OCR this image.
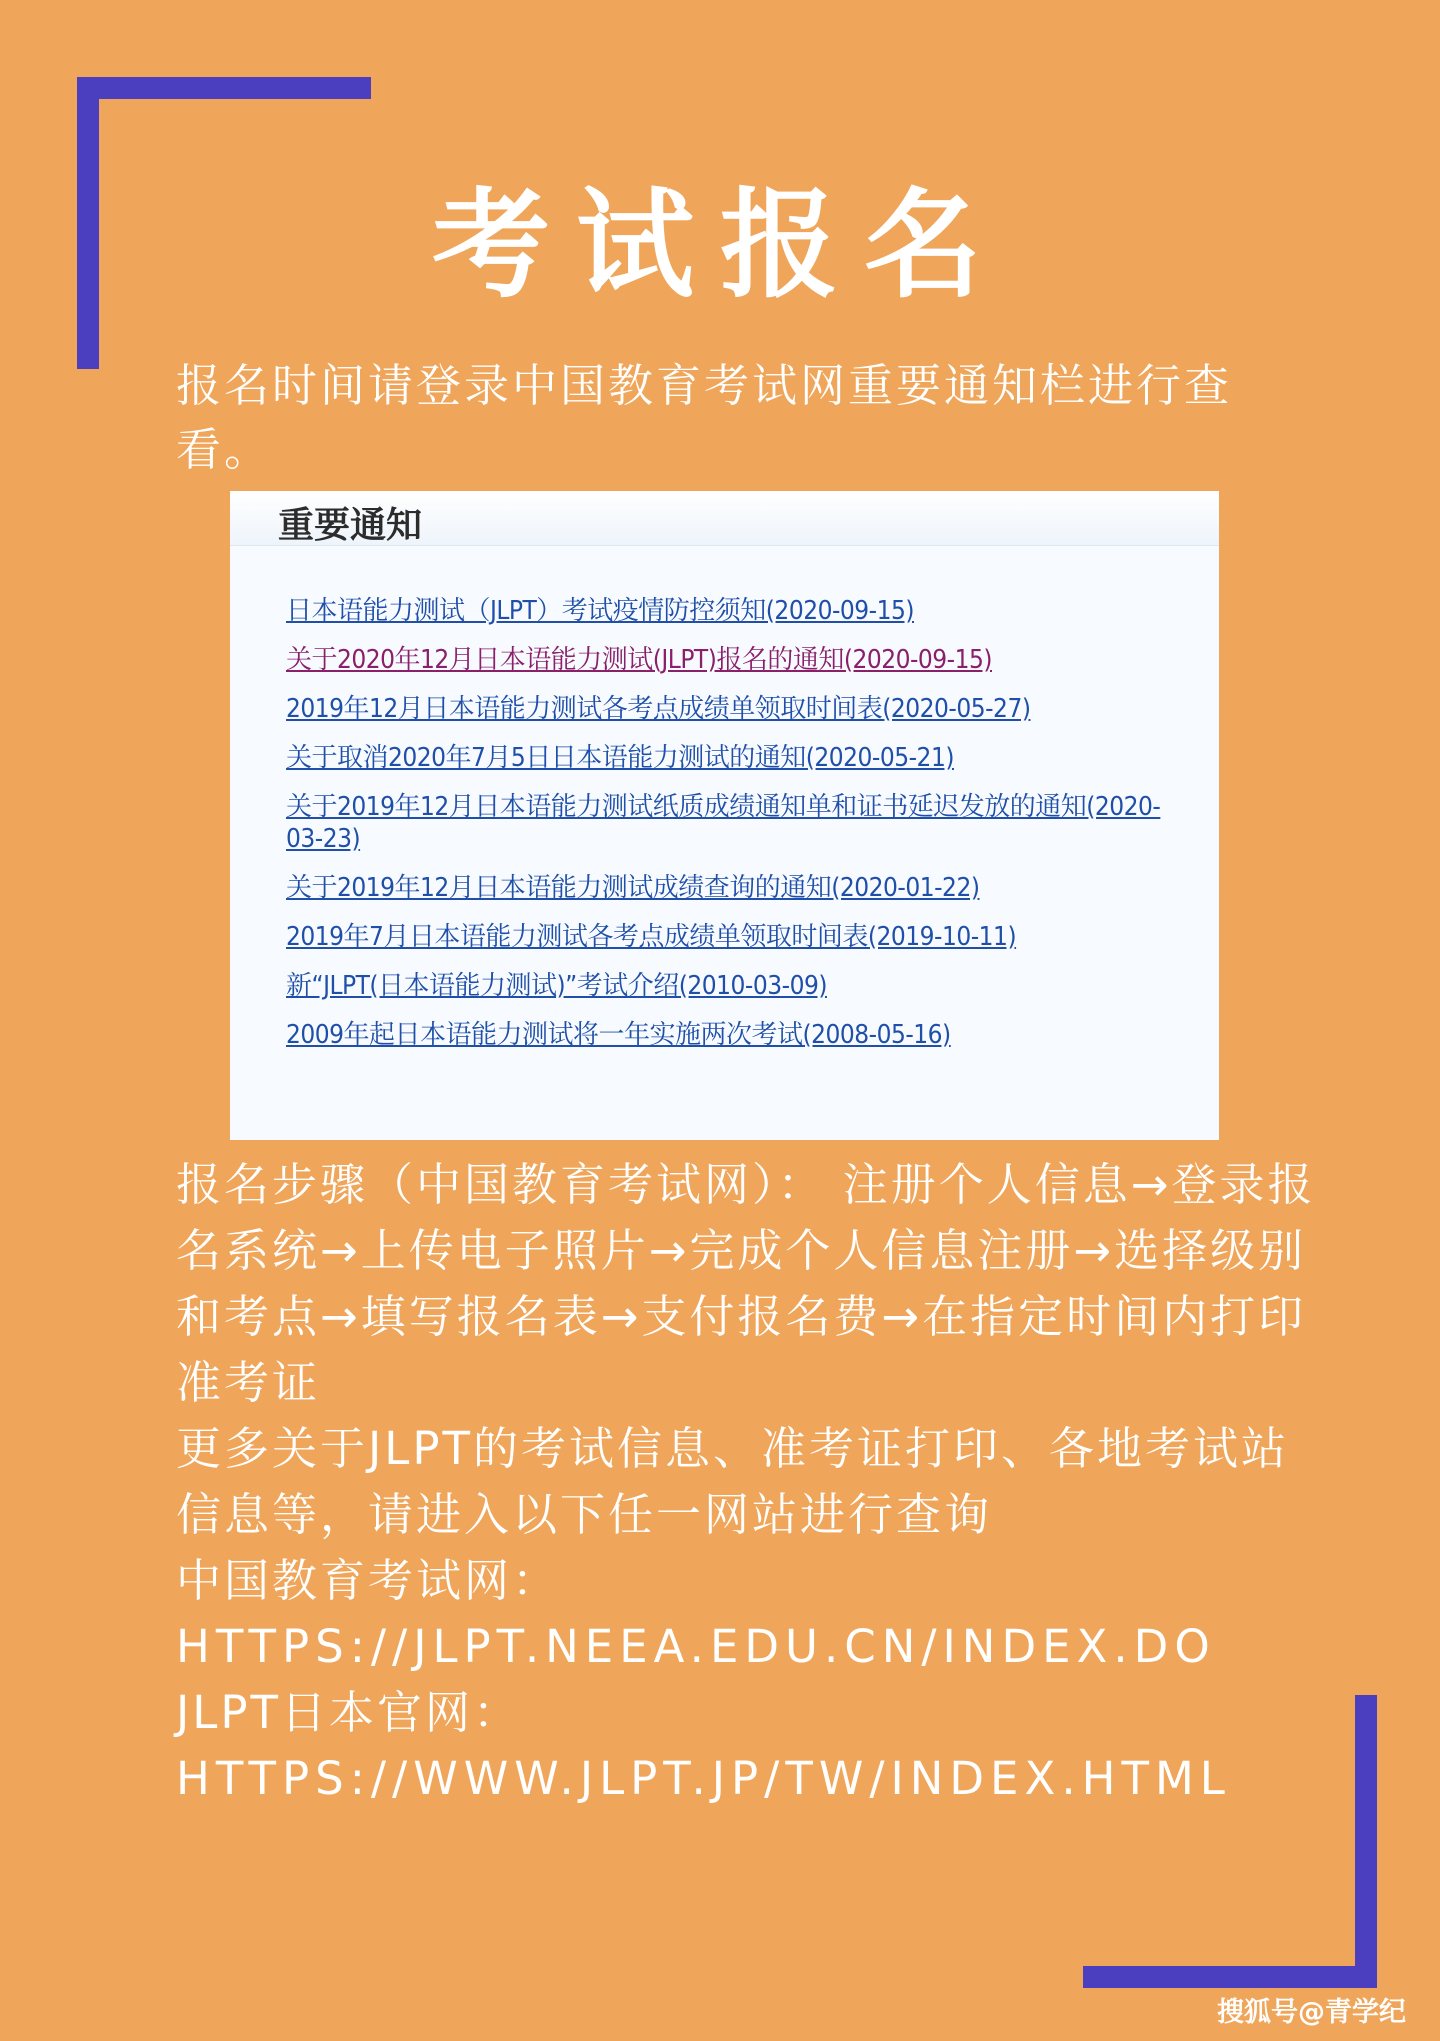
考试报名
报名时间请登录中国教育考试网重要通知栏进行查看。
重要通知
日本语能力测试（JLPT）考试疫情防控须知(2020-09-15)
关于2020年12月日本语能力测试(JLPT)报名的通知(2020-09-15)
2019年12月日本语能力测试各考点成绩单领取时间表(2020-05-27)
关于取消2020年7月5日日本语能力测试的通知(2020-05-21)
关于2019年12月日本语能力测试纸质成绩通知单和证书延迟发放的通知(2020-03-23)
关于2019年12月日本语能力测试成绩查询的通知(2020-01-22)
2019年7月日本语能力测试各考点成绩单领取时间表(2019-10-11)
新“JLPT(日本语能力测试)”考试介绍(2010-03-09)
2009年起日本语能力测试将一年实施两次考试(2008-05-16)

报名步骤（中国教育考试网）： 注册个人信息→登录报名系统→上传电子照片→完成个人信息注册→选择级别和考点→填写报名表→支付报名费→在指定时间内打印准考证

更多关于JLPT的考试信息、准考证打印、各地考试站信息等，请进入以下任一网站进行查询

中国教育考试网：

HTTPS://JLPT.NEEA.EDU.CN/INDEX.DO

JLPT日本官网：

HTTPS://WWW.JLPT.JP/TW/INDEX.HTML

搜狐号@青学纪
